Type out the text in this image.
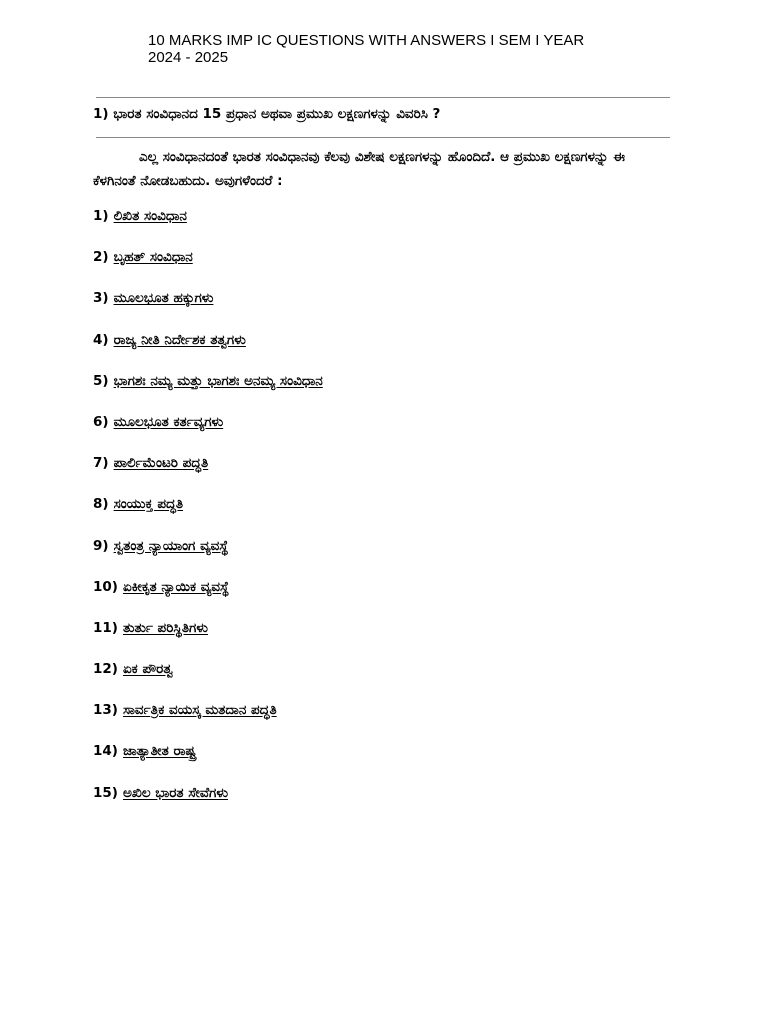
10 MARKS IMP IC QUESTIONS WITH ANSWERS I SEM I YEAR 2024 - 2025

1) ಭಾರತ ಸಂವಿಧಾನದ 15 ಪ್ರಧಾನ ಅಥವಾ ಪ್ರಮುಖ ಲಕ್ಷಣಗಳನ್ನು ವಿವರಿಸಿ ?

ಎಲ್ಲ ಸಂವಿಧಾನದಂತೆ ಭಾರತ ಸಂವಿಧಾನವು ಕೆಲವು ವಿಶೇಷ ಲಕ್ಷಣಗಳನ್ನು ಹೊಂದಿದೆ. ಆ ಪ್ರಮುಖ ಲಕ್ಷಣಗಳನ್ನು ಈ ಕೆಳಗಿನಂತೆ ನೋಡಬಹುದು. ಅವುಗಳೆಂದರೆ :

1) ಲಿಖಿತ ಸಂವಿಧಾನ
2) ಬೃಹತ್ ಸಂವಿಧಾನ
3) ಮೂಲಭೂತ ಹಕ್ಕುಗಳು
4) ರಾಜ್ಯ ನೀತಿ ನಿರ್ದೇಶಕ ತತ್ವಗಳು
5) ಭಾಗಶಃ ನಮ್ಯ ಮತ್ತು ಭಾಗಶಃ ಅನಮ್ಯ ಸಂವಿಧಾನ
6) ಮೂಲಭೂತ ಕರ್ತವ್ಯಗಳು
7) ಪಾರ್ಲಿಮೆಂಟರಿ ಪದ್ಧತಿ
8) ಸಂಯುಕ್ತ ಪದ್ಧತಿ
9) ಸ್ವತಂತ್ರ ನ್ಯಾಯಾಂಗ ವ್ಯವಸ್ಥೆ
10) ಏಕೀಕೃತ ನ್ಯಾಯಿಕ ವ್ಯವಸ್ಥೆ
11) ತುರ್ತು ಪರಿಸ್ಥಿತಿಗಳು
12) ಏಕ ಪೌರತ್ವ
13) ಸಾರ್ವತ್ರಿಕ ವಯಸ್ಕ ಮತದಾನ ಪದ್ಧತಿ
14) ಜಾತ್ಯಾತೀತ ರಾಷ್ಟ್ರ
15) ಅಖಿಲ ಭಾರತ ಸೇವೆಗಳು
